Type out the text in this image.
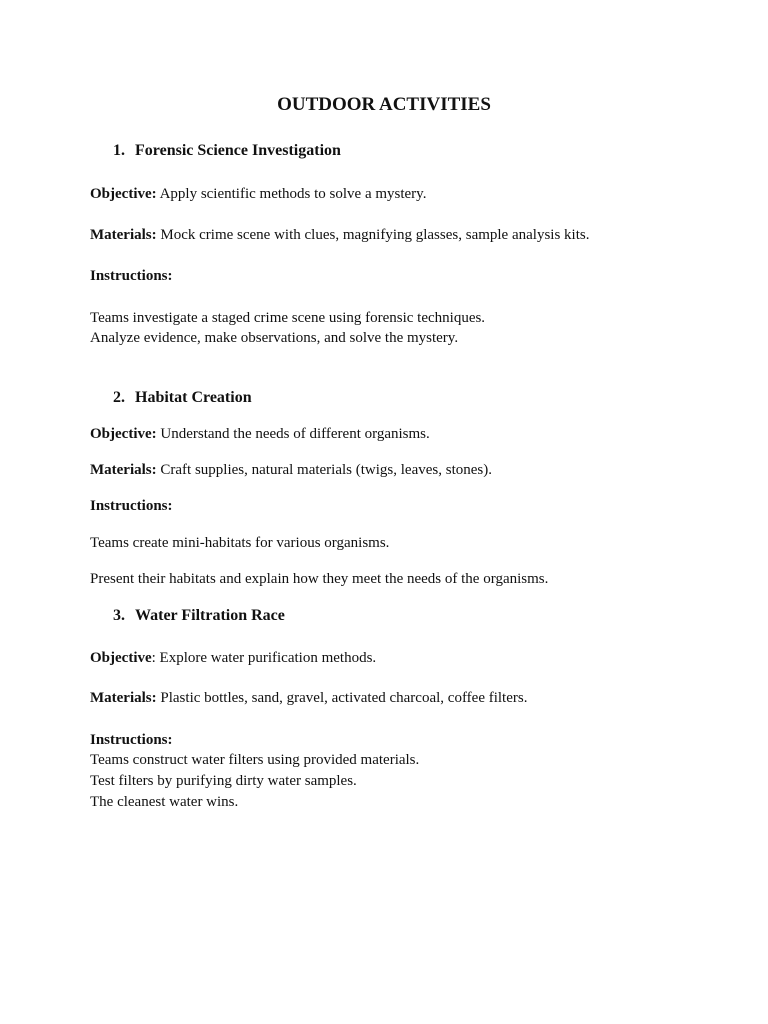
OUTDOOR ACTIVITIES
1. Forensic Science Investigation
Objective: Apply scientific methods to solve a mystery.
Materials: Mock crime scene with clues, magnifying glasses, sample analysis kits.
Instructions:
Teams investigate a staged crime scene using forensic techniques.
Analyze evidence, make observations, and solve the mystery.
2. Habitat Creation
Objective: Understand the needs of different organisms.
Materials: Craft supplies, natural materials (twigs, leaves, stones).
Instructions:
Teams create mini-habitats for various organisms.
Present their habitats and explain how they meet the needs of the organisms.
3. Water Filtration Race
Objective: Explore water purification methods.
Materials: Plastic bottles, sand, gravel, activated charcoal, coffee filters.
Instructions:
Teams construct water filters using provided materials.
Test filters by purifying dirty water samples.
The cleanest water wins.
